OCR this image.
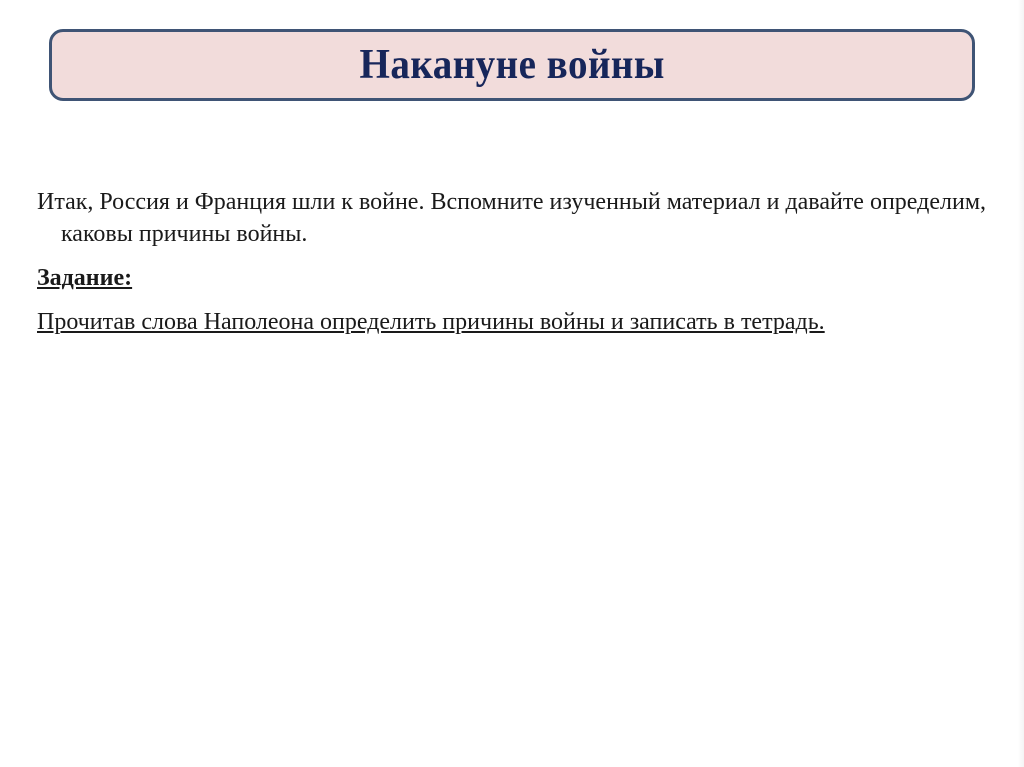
Накануне войны

Итак, Россия и Франция шли к войне. Вспомните изученный материал и давайте определим, каковы причины войны.

Задание:

Прочитав слова Наполеона определить причины войны и записать в тетрадь.
